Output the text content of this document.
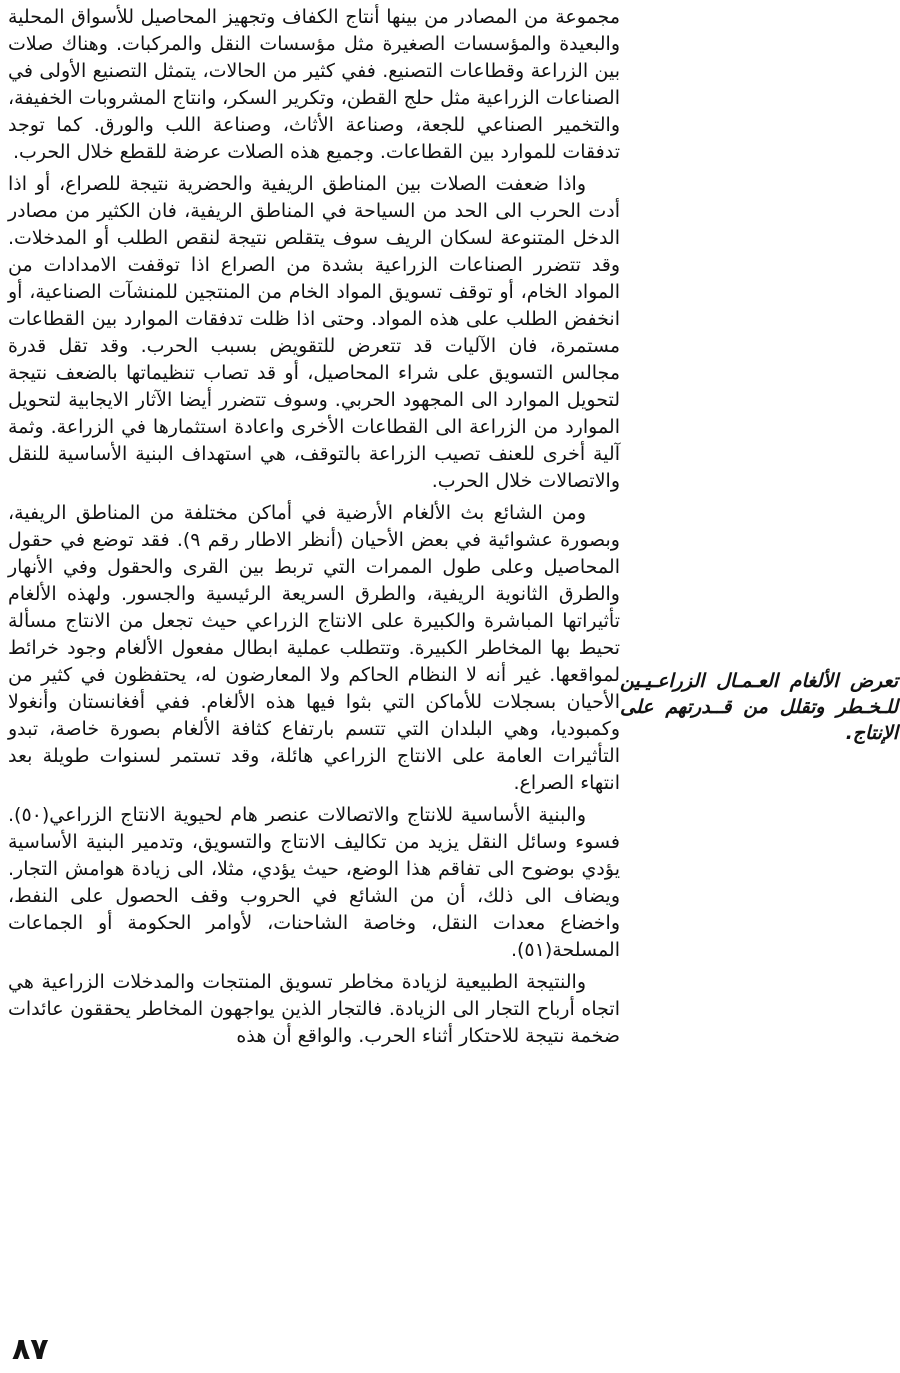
مجموعة من المصادر من بينها أنتاج الكفاف وتجهيز المحاصيل للأسواق المحلية والبعيدة والمؤسسات الصغيرة مثل مؤسسات النقل والمركبات. وهناك صلات بين الزراعة وقطاعات التصنيع. ففي كثير من الحالات، يتمثل التصنيع الأولى في الصناعات الزراعية مثل حلج القطن، وتكرير السكر، وانتاج المشروبات الخفيفة، والتخمير الصناعي للجعة، وصناعة الأثاث، وصناعة اللب والورق. كما توجد تدفقات للموارد بين القطاعات. وجميع هذه الصلات عرضة للقطع خلال الحرب.

واذا ضعفت الصلات بين المناطق الريفية والحضرية نتيجة للصراع، أو اذا أدت الحرب الى الحد من السياحة في المناطق الريفية، فان الكثير من مصادر الدخل المتنوعة لسكان الريف سوف يتقلص نتيجة لنقص الطلب أو المدخلات. وقد تتضرر الصناعات الزراعية بشدة من الصراع اذا توقفت الامدادات من المواد الخام، أو توقف تسويق المواد الخام من المنتجين للمنشآت الصناعية، أو انخفض الطلب على هذه المواد. وحتى اذا ظلت تدفقات الموارد بين القطاعات مستمرة، فان الآليات قد تتعرض للتقويض بسبب الحرب. وقد تقل قدرة مجالس التسويق على شراء المحاصيل، أو قد تصاب تنظيماتها بالضعف نتيجة لتحويل الموارد الى المجهود الحربي. وسوف تتضرر أيضا الآثار الايجابية لتحويل الموارد من الزراعة الى القطاعات الأخرى واعادة استثمارها في الزراعة. وثمة آلية أخرى للعنف تصيب الزراعة بالتوقف، هي استهداف البنية الأساسية للنقل والاتصالات خلال الحرب.

ومن الشائع بث الألغام الأرضية في أماكن مختلفة من المناطق الريفية، وبصورة عشوائية في بعض الأحيان (أنظر الاطار رقم ٩). فقد توضع في حقول المحاصيل وعلى طول الممرات التي تربط بين القرى والحقول وفي الأنهار والطرق الثانوية الريفية، والطرق السريعة الرئيسية والجسور. ولهذه الألغام تأثيراتها المباشرة والكبيرة على الانتاج الزراعي حيث تجعل من الانتاج مسألة تحيط بها المخاطر الكبيرة. وتتطلب عملية ابطال مفعول الألغام وجود خرائط لمواقعها. غير أنه لا النظام الحاكم ولا المعارضون له، يحتفظون في كثير من الأحيان بسجلات للأماكن التي بثوا فيها هذه الألغام. ففي أفغانستان وأنغولا وكمبوديا، وهي البلدان التي تتسم بارتفاع كثافة الألغام بصورة خاصة، تبدو التأثيرات العامة على الانتاج الزراعي هائلة، وقد تستمر لسنوات طويلة بعد انتهاء الصراع.

والبنية الأساسية للانتاج والاتصالات عنصر هام لحيوية الانتاج الزراعي(٥٠). فسوء وسائل النقل يزيد من تكاليف الانتاج والتسويق، وتدمير البنية الأساسية يؤدي بوضوح الى تفاقم هذا الوضع، حيث يؤدي، مثلا، الى زيادة هوامش التجار. ويضاف الى ذلك، أن من الشائع في الحروب وقف الحصول على النفط، واخضاع معدات النقل، وخاصة الشاحنات، لأوامر الحكومة أو الجماعات المسلحة(٥١).

والنتيجة الطبيعية لزيادة مخاطر تسويق المنتجات والمدخلات الزراعية هي اتجاه أرباح التجار الى الزيادة. فالتجار الذين يواجهون المخاطر يحققون عائدات ضخمة نتيجة للاحتكار أثناء الحرب. والواقع أن هذه

تعرض الألغام العـمـال الزراعـيـين للـخـطر وتقلل من قــدرتهم على الإنتاج.
٨٧
